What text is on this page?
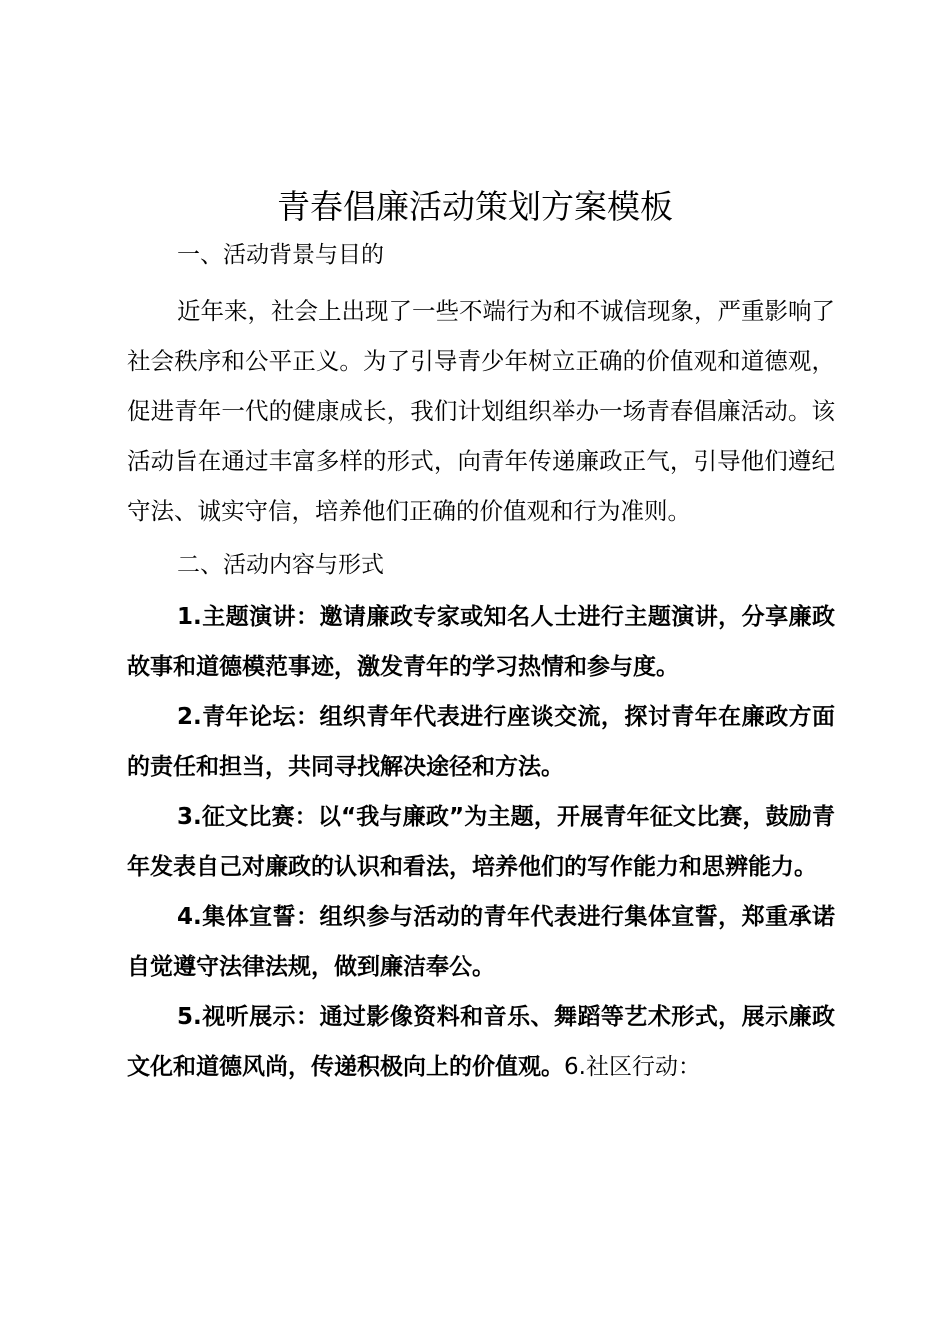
青春倡廉活动策划方案模板

一、活动背景与目的

近年来，社会上出现了一些不端行为和不诚信现象，严重影响了社会秩序和公平正义。为了引导青少年树立正确的价值观和道德观，促进青年一代的健康成长，我们计划组织举办一场青春倡廉活动。该活动旨在通过丰富多样的形式，向青年传递廉政正气，引导他们遵纪守法、诚实守信，培养他们正确的价值观和行为准则。

二、活动内容与形式

1.主题演讲：邀请廉政专家或知名人士进行主题演讲，分享廉政故事和道德模范事迹，激发青年的学习热情和参与度。

2.青年论坛：组织青年代表进行座谈交流，探讨青年在廉政方面的责任和担当，共同寻找解决途径和方法。

3.征文比赛：以“我与廉政”为主题，开展青年征文比赛，鼓励青年发表自己对廉政的认识和看法，培养他们的写作能力和思辨能力。

4.集体宣誓：组织参与活动的青年代表进行集体宣誓，郑重承诺自觉遵守法律法规，做到廉洁奉公。

5.视听展示：通过影像资料和音乐、舞蹈等艺术形式，展示廉政文化和道德风尚，传递积极向上的价值观。6.社区行动：
